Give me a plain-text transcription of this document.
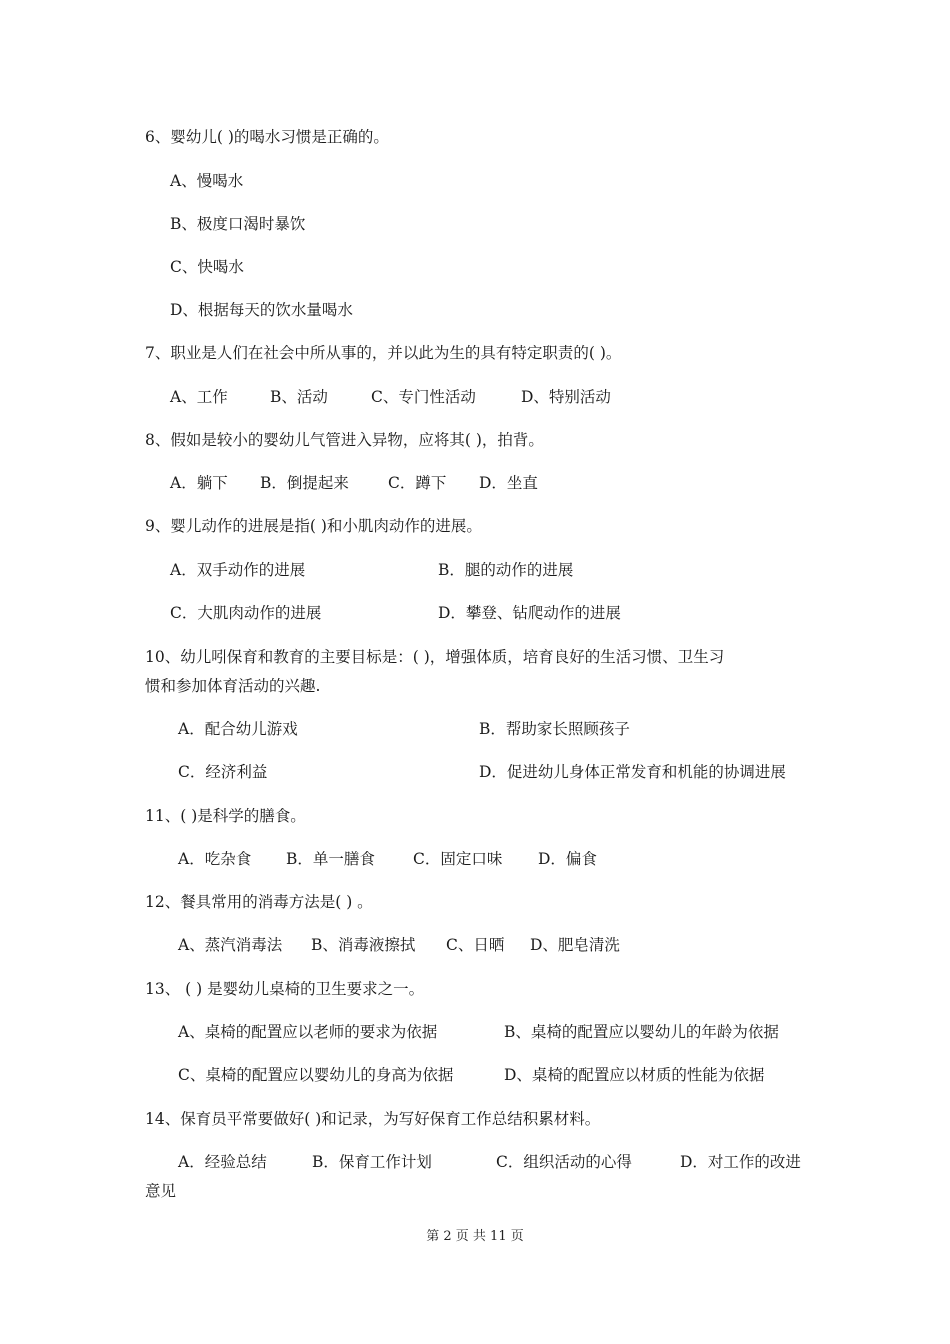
6、婴幼儿( )的喝水习惯是正确的。
A、慢喝水
B、极度口渴时暴饮
C、快喝水
D、根据每天的饮水量喝水
7、职业是人们在社会中所从事的，并以此为生的具有特定职责的( )。
A、工作	B、活动	C、专门性活动	D、特别活动
8、假如是较小的婴幼儿气管进入异物，应将其( )，拍背。
A．躺下 B．倒提起来	C．蹲下 D．坐直
9、婴儿动作的进展是指( )和小肌肉动作的进展。
A．双手动作的进展	B．腿的动作的进展
C．大肌肉动作的进展	D．攀登、钻爬动作的进展
10、幼儿吲保育和教育的主要目标是：( )，增强体质，培育良好的生活习惯、卫生习
惯和参加体育活动的兴趣.
A．配合幼儿游戏	B．帮助家长照顾孩子
C．经济利益	D．促进幼儿身体正常发育和机能的协调进展
11、( )是科学的膳食。
A．吃杂食 B．单一膳食 C．固定口味 D．偏食
12、餐具常用的消毒方法是( ) 。
A、蒸汽消毒法 B、消毒液擦拭 C、日晒 D、肥皂清洗
13、 ( ) 是婴幼儿桌椅的卫生要求之一。
A、桌椅的配置应以老师的要求为依据	B、桌椅的配置应以婴幼儿的年龄为依据
C、桌椅的配置应以婴幼儿的身高为依据	D、桌椅的配置应以材质的性能为依据
14、保育员平常要做好( )和记录，为写好保育工作总结积累材料。
A．经验总结	B．保育工作计划	C．组织活动的心得	D．对工作的改进
意见
第 2 页 共 11 页
